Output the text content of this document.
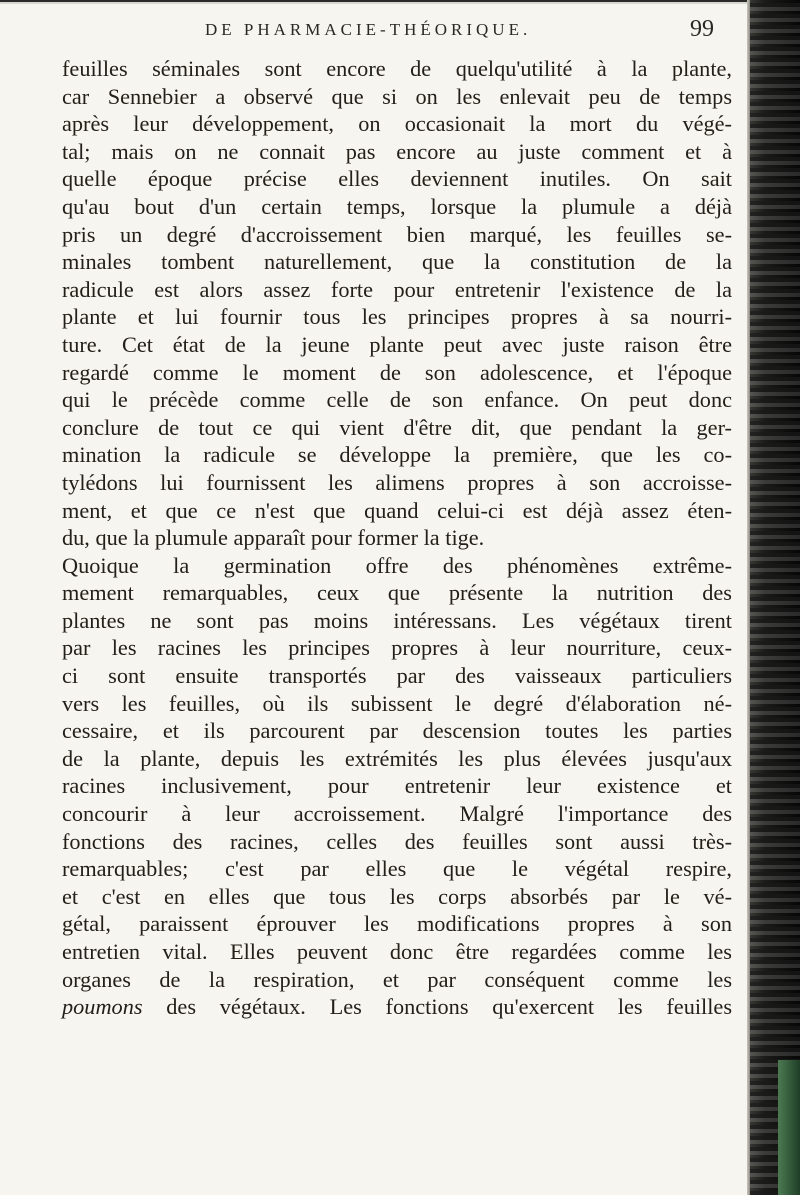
DE PHARMACIE-THÉORIQUE.	99
feuilles séminales sont encore de quelqu'utilité à la plante,
car Sennebier a observé que si on les enlevait peu de temps
après leur développement, on occasionait la mort du végé-
tal; mais on ne connait pas encore au juste comment et à
quelle époque précise elles deviennent inutiles. On sait
qu'au bout d'un certain temps, lorsque la plumule a déjà
pris un degré d'accroissement bien marqué, les feuilles se-
minales tombent naturellement, que la constitution de la
radicule est alors assez forte pour entretenir l'existence de la
plante et lui fournir tous les principes propres à sa nourri-
ture. Cet état de la jeune plante peut avec juste raison être
regardé comme le moment de son adolescence, et l'époque
qui le précède comme celle de son enfance. On peut donc
conclure de tout ce qui vient d'être dit, que pendant la ger-
mination la radicule se développe la première, que les co-
tylédons lui fournissent les alimens propres à son accroisse-
ment, et que ce n'est que quand celui-ci est déjà assez éten-
du, que la plumule apparaît pour former la tige.
Quoique la germination offre des phénomènes extrême-
mement remarquables, ceux que présente la nutrition des
plantes ne sont pas moins intéressans. Les végétaux tirent
par les racines les principes propres à leur nourriture, ceux-
ci sont ensuite transportés par des vaisseaux particuliers
vers les feuilles, où ils subissent le degré d'élaboration né-
cessaire, et ils parcourent par descension toutes les parties
de la plante, depuis les extrémités les plus élevées jusqu'aux
racines inclusivement, pour entretenir leur existence et
concourir à leur accroissement. Malgré l'importance des
fonctions des racines, celles des feuilles sont aussi très-
remarquables; c'est par elles que le végétal respire,
et c'est en elles que tous les corps absorbés par le vé-
gétal, paraissent éprouver les modifications propres à son
entretien vital. Elles peuvent donc être regardées comme les
organes de la respiration, et par conséquent comme les
poumons des végétaux. Les fonctions qu'exercent les feuilles
